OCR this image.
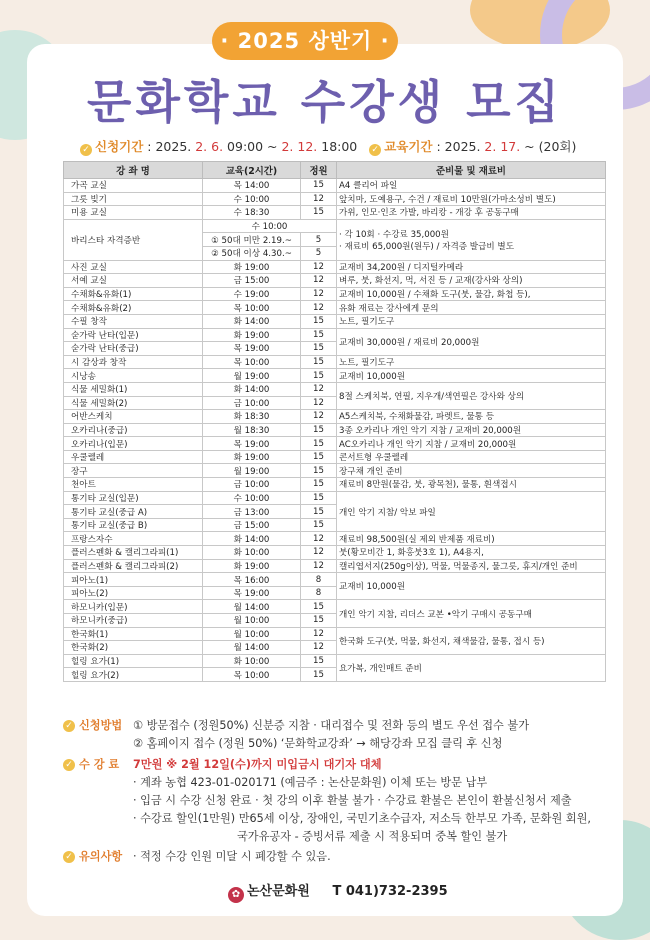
· 2025 상반기 ·
문화학교 수강생 모집
✓ 신청기간 : 2025. 2. 6. 09:00 ~ 2. 12. 18:00 ✓ 교육기간 : 2025. 2. 17. ~ (20회)
강 좌 명	교육(2시간)	정원	준비물 및 재료비
가곡 교실	목 14:00	15	A4 클리어 파일
그릇 빚기	수 10:00	12	앞치마, 도예용구, 수건 / 재료비 10만원(가마소성비 별도)
미용 교실	수 18:30	15	가위, 인모·인조 가발, 바리캉 - 개강 후 공동구매
바리스타 자격증반	수 10:00		· 각 10회 · 수강료 35,000원
· 재료비 65,000원(원두) / 자격증 발급비 별도

	① 50대 미만 2.19.~	5	
	② 50대 이상 4.30.~	5	
사진 교실	화 19:00	12	교재비 34,200원 / 디지털카메라
서예 교실	금 15:00	12	벼루, 붓, 화선지, 먹, 서진 등 / 교재(강사와 상의)
수채화&유화(1)	수 19:00	12	교재비 10,000원 / 수채화 도구(붓, 물감, 화첩 등),
수채화&유화(2)	목 10:00	12	유화 재료는 강사에게 문의
수필 창작	화 14:00	15	노트, 필기도구
숟가락 난타(입문)	화 19:00	15	교재비 30,000원 / 재료비 20,000원
숟가락 난타(중급)	목 19:00	15	
시 감상과 창작	목 10:00	15	노트, 필기도구
시낭송	월 19:00	15	교재비 10,000원
식물 세밀화(1)	화 14:00	12	8절 스케치북, 연필, 지우개/색연필은 강사와 상의
식물 세밀화(2)	금 10:00	12	
어반스케치	화 18:30	12	A5스케치북, 수채화물감, 파렛트, 물통 등
오카리나(중급)	월 18:30	15	3종 오카리나 개인 악기 지참 / 교재비 20,000원
오카리나(입문)	목 19:00	15	AC오카리나 개인 악기 지참 / 교재비 20,000원
우쿨렐레	화 19:00	15	콘서트형 우쿨렐레
장구	월 19:00	15	장구채 개인 준비
천아트	금 10:00	15	재료비 8만원(물감, 붓, 광목천), 물통, 흰색접시
통기타 교실(입문)	수 10:00	15	개인 악기 지참/ 악보 파일
통기타 교실(중급 A)	금 13:00	15	
통기타 교실(중급 B)	금 15:00	15	
프랑스자수	화 14:00	12	재료비 98,500원(실 제외 반제품 재료비)
플러스펜화 & 캘리그라피(1)	화 10:00	12	붓(황모비간 1, 화홍붓3호 1), A4용지,
플러스펜화 & 캘리그라피(2)	화 19:00	12	캘리엽서지(250g이상), 먹물, 먹물종지, 물그릇, 휴지/개인 준비
피아노(1)	목 16:00	8	교재비 10,000원
피아노(2)	목 19:00	8	
하모니카(입문)	월 14:00	15	개인 악기 지참, 리더스 교본 •악기 구매시 공동구매
하모니카(중급)	월 10:00	15	
한국화(1)	월 10:00	12	한국화 도구(붓, 먹물, 화선지, 채색물감, 물통, 접시 등)
한국화(2)	월 14:00	12	
힐링 요가(1)	화 10:00	15	요가복, 개인매트 준비
힐링 요가(2)	목 10:00	15	
✓ 신청방법 ① 방문접수 (정원50%) 신분증 지참 · 대리접수 및 전화 등의 별도 우선 접수 불가
② 홈페이지 접수 (정원 50%) ‘문화학교강좌’ → 해당강좌 모집 클릭 후 신청
✓ 수 강 료 7만원 ※ 2월 12일(수)까지 미입금시 대기자 대체
· 계좌 농협 423-01-020171 (예금주 : 논산문화원) 이체 또는 방문 납부
· 입금 시 수강 신청 완료 · 첫 강의 이후 환불 불가 · 수강료 환불은 본인이 환불신청서 제출
· 수강료 할인(1만원) 만65세 이상, 장애인, 국민기초수급자, 저소득 한부모 가족, 문화원 회원,
국가유공자 - 증빙서류 제출 시 적용되며 중복 할인 불가
✓ 유의사항 · 적정 수강 인원 미달 시 폐강할 수 있음.
✿ 논산문화원 T 041)732-2395
